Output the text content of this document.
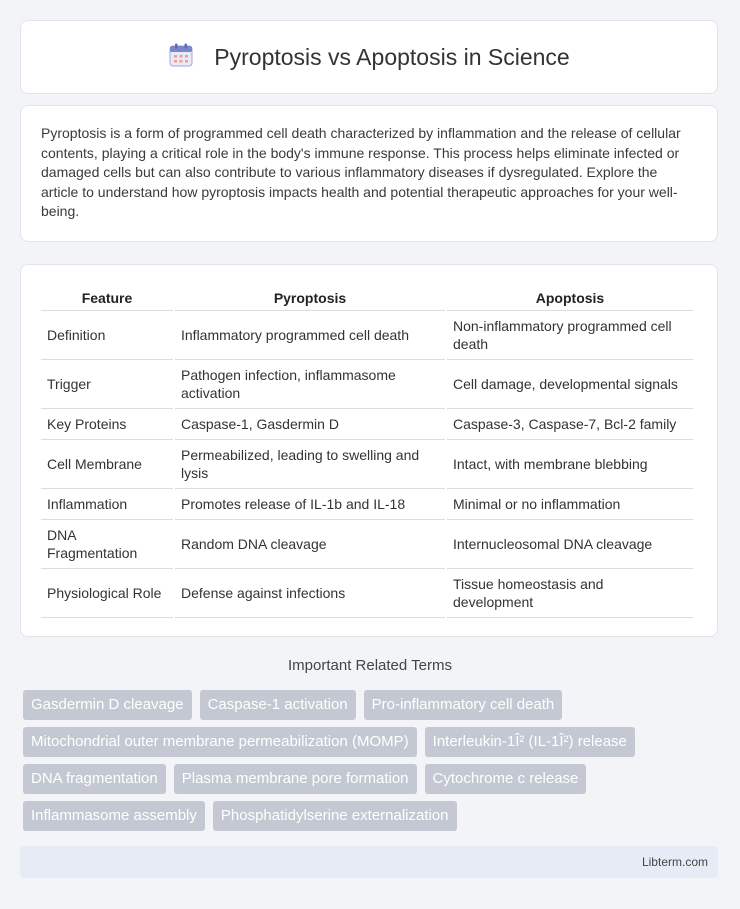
Pyroptosis vs Apoptosis in Science

Pyroptosis is a form of programmed cell death characterized by inflammation and the release of cellular contents, playing a critical role in the body's immune response. This process helps eliminate infected or damaged cells but can also contribute to various inflammatory diseases if dysregulated. Explore the article to understand how pyroptosis impacts health and potential therapeutic approaches for your well-being.

Feature	Pyroptosis	Apoptosis
Definition	Inflammatory programmed cell death	Non-inflammatory programmed cell death
Trigger	Pathogen infection, inflammasome activation	Cell damage, developmental signals
Key Proteins	Caspase-1, Gasdermin D	Caspase-3, Caspase-7, Bcl-2 family
Cell Membrane	Permeabilized, leading to swelling and lysis	Intact, with membrane blebbing
Inflammation	Promotes release of IL-1b and IL-18	Minimal or no inflammation
DNA Fragmentation	Random DNA cleavage	Internucleosomal DNA cleavage
Physiological Role	Defense against infections	Tissue homeostasis and development
Important Related Terms
Gasdermin D cleavage	Caspase-1 activation	Pro-inflammatory cell death
Mitochondrial outer membrane permeabilization (MOMP)	Interleukin-1Î² (IL-1Î²) release
DNA fragmentation	Plasma membrane pore formation	Cytochrome c release
Inflammasome assembly	Phosphatidylserine externalization
Libterm.com
